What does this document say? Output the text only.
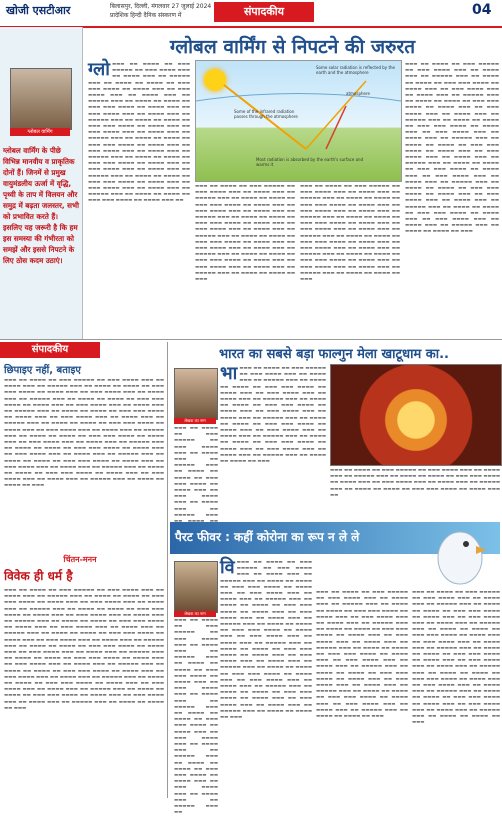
खोजी एसटीआर	बिलासपुर, दिल्ली, मंगलवार 27 जुलाई 2024
प्रादेशिक हिन्दी दैनिक संस्करण में	संपादकीय	04
ग्लोबल वार्मिंग
ग्लोबल वार्मिंग के पीछे विभिन्न मानवीय व प्राकृतिक दोनों हैं। जिनमें से प्रमुख वायुमंडलीय ऊर्जा में वृद्धि, पृथ्वी के ताप में विलयन और समुद्र में बढ़ता जलस्तर, सभी को प्रभावित करते हैं। इसलिए यह जरूरी है कि हम इस समस्या की गंभीरता को समझें और इससे निपटने के लिए ठोस कदम उठाएं।
ग्लोबल वार्मिंग से निपटने की जरुरत
ग्लो ▬▬▬ ▬▬ ▬▬▬▬ ▬▬ ▬▬▬ ▬▬▬▬▬ ▬▬ ▬▬▬ ▬▬▬▬ ▬▬▬ ▬▬ ▬▬▬▬ ▬▬▬ ▬▬ ▬▬▬▬▬ ▬▬▬ ▬▬ ▬▬▬▬ ▬▬ ▬▬▬▬ ▬▬ ▬▬▬ ▬▬▬ ▬▬▬▬ ▬▬ ▬▬▬▬ ▬▬▬ ▬▬ ▬▬▬ ▬▬▬▬ ▬▬▬ ▬▬ ▬▬▬▬ ▬▬▬ ▬▬ ▬▬▬▬▬ ▬▬▬ ▬▬ ▬▬▬▬ ▬▬ ▬▬▬▬ ▬▬ ▬▬▬ ▬▬▬ ▬▬▬▬ ▬▬ ▬▬▬▬ ▬▬▬ ▬▬ ▬▬▬ ▬▬▬▬ ▬▬▬ ▬▬ ▬▬▬▬ ▬▬▬ ▬▬ ▬▬▬▬▬ ▬▬▬ ▬▬ ▬▬▬▬ ▬▬ ▬▬▬▬ ▬▬ ▬▬▬ ▬▬▬ ▬▬▬▬ ▬▬ ▬▬▬▬ ▬▬▬ ▬▬ ▬▬▬ ▬▬▬▬ ▬▬▬ ▬▬ ▬▬▬▬ ▬▬▬ ▬▬ ▬▬▬▬▬ ▬▬▬ ▬▬ ▬▬▬▬ ▬▬ ▬▬▬▬ ▬▬ ▬▬▬ ▬▬▬ ▬▬▬▬ ▬▬ ▬▬▬▬ ▬▬▬ ▬▬ ▬▬▬ ▬▬▬▬ ▬▬▬ ▬▬ ▬▬▬▬ ▬▬▬ ▬▬ ▬▬▬▬▬ ▬▬▬ ▬▬ ▬▬▬▬ ▬▬ ▬▬▬▬ ▬▬ ▬▬▬ ▬▬▬ ▬▬▬▬ ▬▬ ▬▬▬▬ ▬▬▬ ▬▬ ▬▬▬ ▬▬▬▬ ▬▬▬ ▬▬ ▬▬▬▬ ▬▬▬ ▬▬ ▬▬▬▬▬ ▬▬▬ ▬▬ ▬▬▬▬ ▬▬ ▬▬▬▬ ▬▬ ▬▬▬ ▬▬▬ ▬▬▬▬ ▬▬ ▬▬▬▬ ▬▬▬ ▬▬ ▬▬▬ ▬▬▬▬ ▬▬▬ ▬▬ ▬▬▬▬ ▬▬▬ ▬▬ ▬▬▬▬▬ ▬▬▬ ▬▬ ▬▬▬▬ ▬▬ ▬▬▬▬ ▬▬ ▬▬▬ ▬▬▬ ▬▬▬▬ ▬▬ ▬▬▬▬ ▬▬▬ ▬▬
atmosphere
Some solar radiation is reflected by the earth and the atmosphere
Some of the infrared radiation passes through the atmosphere
Most radiation is absorbed by the earth's surface and warms it
▬▬▬ ▬▬ ▬▬▬▬ ▬▬ ▬▬▬ ▬▬▬▬▬ ▬▬ ▬▬▬ ▬▬▬▬ ▬▬▬ ▬▬ ▬▬▬▬ ▬▬▬ ▬▬ ▬▬▬▬▬ ▬▬▬ ▬▬ ▬▬▬▬ ▬▬ ▬▬▬▬ ▬▬ ▬▬▬ ▬▬▬ ▬▬▬▬ ▬▬ ▬▬▬▬ ▬▬▬ ▬▬ ▬▬▬ ▬▬▬▬ ▬▬▬ ▬▬ ▬▬▬▬ ▬▬▬ ▬▬ ▬▬▬▬▬ ▬▬▬ ▬▬ ▬▬▬▬ ▬▬ ▬▬▬▬ ▬▬ ▬▬▬ ▬▬▬ ▬▬▬▬ ▬▬ ▬▬▬▬ ▬▬▬ ▬▬ ▬▬▬ ▬▬▬▬ ▬▬▬ ▬▬ ▬▬▬▬ ▬▬▬ ▬▬ ▬▬▬▬▬ ▬▬▬ ▬▬ ▬▬▬▬ ▬▬ ▬▬▬▬ ▬▬ ▬▬▬ ▬▬▬ ▬▬▬▬ ▬▬ ▬▬▬▬ ▬▬▬ ▬▬ ▬▬▬ ▬▬▬▬ ▬▬▬ ▬▬ ▬▬▬▬ ▬▬▬ ▬▬ ▬▬▬▬▬ ▬▬▬ ▬▬ ▬▬▬▬ ▬▬ ▬▬▬▬ ▬▬ ▬▬▬ ▬▬▬ ▬▬▬▬ ▬▬ ▬▬▬▬ ▬▬▬ ▬▬ ▬▬▬ ▬▬▬▬ ▬▬▬ ▬▬ ▬▬▬▬ ▬▬▬ ▬▬ ▬▬▬▬▬ ▬▬▬ ▬▬ ▬▬▬▬ ▬▬ ▬▬▬▬ ▬▬ ▬▬▬
▬▬▬ ▬▬ ▬▬▬▬ ▬▬ ▬▬▬ ▬▬▬▬▬ ▬▬ ▬▬▬ ▬▬▬▬ ▬▬▬ ▬▬ ▬▬▬▬ ▬▬▬ ▬▬ ▬▬▬▬▬ ▬▬▬ ▬▬ ▬▬▬▬ ▬▬ ▬▬▬▬ ▬▬ ▬▬▬ ▬▬▬ ▬▬▬▬ ▬▬ ▬▬▬▬ ▬▬▬ ▬▬ ▬▬▬ ▬▬▬▬ ▬▬▬ ▬▬ ▬▬▬▬ ▬▬▬ ▬▬ ▬▬▬▬▬ ▬▬▬ ▬▬ ▬▬▬▬ ▬▬ ▬▬▬▬ ▬▬ ▬▬▬ ▬▬▬ ▬▬▬▬ ▬▬ ▬▬▬▬ ▬▬▬ ▬▬ ▬▬▬ ▬▬▬▬ ▬▬▬ ▬▬ ▬▬▬▬ ▬▬▬ ▬▬ ▬▬▬▬▬ ▬▬▬ ▬▬ ▬▬▬▬ ▬▬ ▬▬▬▬ ▬▬ ▬▬▬ ▬▬▬ ▬▬▬▬ ▬▬ ▬▬▬▬ ▬▬▬ ▬▬ ▬▬▬ ▬▬▬▬ ▬▬▬ ▬▬ ▬▬▬▬ ▬▬▬ ▬▬ ▬▬▬▬▬ ▬▬▬ ▬▬ ▬▬▬▬ ▬▬ ▬▬▬▬ ▬▬ ▬▬▬ ▬▬▬ ▬▬▬▬ ▬▬ ▬▬▬▬ ▬▬▬ ▬▬ ▬▬▬ ▬▬▬▬ ▬▬▬ ▬▬ ▬▬▬▬ ▬▬▬ ▬▬ ▬▬▬▬▬ ▬▬▬ ▬▬ ▬▬▬▬ ▬▬ ▬▬▬▬ ▬▬ ▬▬▬
▬▬▬ ▬▬ ▬▬▬▬ ▬▬ ▬▬▬ ▬▬▬▬▬ ▬▬ ▬▬▬ ▬▬▬▬ ▬▬▬ ▬▬ ▬▬▬▬ ▬▬▬ ▬▬ ▬▬▬▬▬ ▬▬▬ ▬▬ ▬▬▬▬ ▬▬ ▬▬▬▬ ▬▬ ▬▬▬ ▬▬▬ ▬▬▬▬ ▬▬ ▬▬▬▬ ▬▬▬ ▬▬ ▬▬▬ ▬▬▬▬ ▬▬▬ ▬▬ ▬▬▬▬ ▬▬▬ ▬▬ ▬▬▬▬▬ ▬▬▬ ▬▬ ▬▬▬▬ ▬▬ ▬▬▬▬ ▬▬ ▬▬▬ ▬▬▬ ▬▬▬▬ ▬▬ ▬▬▬▬ ▬▬▬ ▬▬ ▬▬▬ ▬▬▬▬ ▬▬▬ ▬▬ ▬▬▬▬ ▬▬▬ ▬▬ ▬▬▬▬▬ ▬▬▬ ▬▬ ▬▬▬▬ ▬▬ ▬▬▬▬ ▬▬ ▬▬▬ ▬▬▬ ▬▬▬▬ ▬▬ ▬▬▬▬ ▬▬▬ ▬▬ ▬▬▬ ▬▬▬▬ ▬▬▬ ▬▬ ▬▬▬▬ ▬▬▬ ▬▬ ▬▬▬▬▬ ▬▬▬ ▬▬ ▬▬▬▬ ▬▬ ▬▬▬▬ ▬▬ ▬▬▬ ▬▬▬ ▬▬▬▬ ▬▬ ▬▬▬▬ ▬▬▬ ▬▬ ▬▬▬ ▬▬▬▬ ▬▬▬ ▬▬ ▬▬▬▬ ▬▬▬ ▬▬ ▬▬▬▬▬ ▬▬▬ ▬▬ ▬▬▬▬ ▬▬ ▬▬▬▬ ▬▬ ▬▬▬ ▬▬▬ ▬▬▬▬ ▬▬ ▬▬▬▬ ▬▬▬ ▬▬ ▬▬▬ ▬▬▬▬ ▬▬▬ ▬▬ ▬▬▬▬ ▬▬▬ ▬▬ ▬▬▬▬▬ ▬▬▬ ▬▬ ▬▬▬▬ ▬▬ ▬▬▬▬ ▬▬ ▬▬▬ ▬▬▬ ▬▬▬▬ ▬▬ ▬▬▬▬ ▬▬▬ ▬▬ ▬▬▬ ▬▬▬▬ ▬▬▬ ▬▬ ▬▬▬▬ ▬▬▬ ▬▬ ▬▬▬▬▬ ▬▬▬ ▬▬ ▬▬▬▬ ▬▬ ▬▬▬▬ ▬▬ ▬▬▬ ▬▬▬ ▬▬▬▬ ▬▬ ▬▬▬▬ ▬▬▬ ▬▬ ▬▬▬ ▬▬▬▬ ▬▬▬ ▬▬ ▬▬▬▬ ▬▬▬ ▬▬ ▬▬▬▬▬ ▬▬▬ ▬▬ ▬▬▬▬ ▬▬ ▬▬▬▬ ▬▬ ▬▬▬
संपादकीय
छिपाइए नहीं, बताइए
▬▬▬ ▬▬ ▬▬▬▬ ▬▬ ▬▬▬ ▬▬▬▬▬ ▬▬ ▬▬▬ ▬▬▬▬ ▬▬▬ ▬▬ ▬▬▬▬ ▬▬▬ ▬▬ ▬▬▬▬▬ ▬▬▬ ▬▬ ▬▬▬▬ ▬▬ ▬▬▬▬ ▬▬ ▬▬▬ ▬▬▬ ▬▬▬▬ ▬▬ ▬▬▬▬ ▬▬▬ ▬▬ ▬▬▬ ▬▬▬▬ ▬▬▬ ▬▬ ▬▬▬▬ ▬▬▬ ▬▬ ▬▬▬▬▬ ▬▬▬ ▬▬ ▬▬▬▬ ▬▬ ▬▬▬▬ ▬▬ ▬▬▬ ▬▬▬ ▬▬▬▬ ▬▬ ▬▬▬▬ ▬▬▬ ▬▬ ▬▬▬ ▬▬▬▬ ▬▬▬ ▬▬ ▬▬▬▬ ▬▬▬ ▬▬ ▬▬▬▬▬ ▬▬▬ ▬▬ ▬▬▬▬ ▬▬ ▬▬▬▬ ▬▬ ▬▬▬ ▬▬▬ ▬▬▬▬ ▬▬ ▬▬▬▬ ▬▬▬ ▬▬ ▬▬▬ ▬▬▬▬ ▬▬▬ ▬▬ ▬▬▬▬ ▬▬▬ ▬▬ ▬▬▬▬▬ ▬▬▬ ▬▬ ▬▬▬▬ ▬▬ ▬▬▬▬ ▬▬ ▬▬▬ ▬▬▬ ▬▬▬▬ ▬▬ ▬▬▬▬ ▬▬▬ ▬▬ ▬▬▬ ▬▬▬▬ ▬▬▬ ▬▬ ▬▬▬▬ ▬▬▬ ▬▬ ▬▬▬▬▬ ▬▬▬ ▬▬ ▬▬▬▬ ▬▬ ▬▬▬▬ ▬▬ ▬▬▬ ▬▬▬ ▬▬▬▬ ▬▬ ▬▬▬▬ ▬▬▬ ▬▬ ▬▬▬ ▬▬▬▬ ▬▬▬ ▬▬ ▬▬▬▬ ▬▬▬ ▬▬ ▬▬▬▬▬ ▬▬▬ ▬▬ ▬▬▬▬ ▬▬ ▬▬▬▬ ▬▬ ▬▬▬ ▬▬▬ ▬▬▬▬ ▬▬ ▬▬▬▬ ▬▬▬ ▬▬ ▬▬▬ ▬▬▬▬ ▬▬▬ ▬▬ ▬▬▬▬ ▬▬▬ ▬▬ ▬▬▬▬▬ ▬▬▬ ▬▬ ▬▬▬▬ ▬▬ ▬▬▬▬ ▬▬ ▬▬▬ ▬▬▬ ▬▬▬▬ ▬▬ ▬▬▬▬ ▬▬▬ ▬▬ ▬▬▬ ▬▬▬▬ ▬▬▬ ▬▬ ▬▬▬▬ ▬▬▬ ▬▬ ▬▬▬▬▬ ▬▬▬ ▬▬ ▬▬▬▬ ▬▬ ▬▬▬▬ ▬▬ ▬▬▬ ▬▬▬ ▬▬▬▬ ▬▬ ▬▬▬▬ ▬▬▬ ▬▬ ▬▬▬ ▬▬▬▬ ▬▬▬ ▬▬ ▬▬▬▬ ▬▬▬ ▬▬ ▬▬▬▬▬ ▬▬▬ ▬▬ ▬▬▬▬ ▬▬ ▬▬▬▬ ▬▬ ▬▬▬
चिंतन-मनन
विवेक ही धर्म है
▬▬▬ ▬▬ ▬▬▬▬ ▬▬ ▬▬▬ ▬▬▬▬▬ ▬▬ ▬▬▬ ▬▬▬▬ ▬▬▬ ▬▬ ▬▬▬▬ ▬▬▬ ▬▬ ▬▬▬▬▬ ▬▬▬ ▬▬ ▬▬▬▬ ▬▬ ▬▬▬▬ ▬▬ ▬▬▬ ▬▬▬ ▬▬▬▬ ▬▬ ▬▬▬▬ ▬▬▬ ▬▬ ▬▬▬ ▬▬▬▬ ▬▬▬ ▬▬ ▬▬▬▬ ▬▬▬ ▬▬ ▬▬▬▬▬ ▬▬▬ ▬▬ ▬▬▬▬ ▬▬ ▬▬▬▬ ▬▬ ▬▬▬ ▬▬▬ ▬▬▬▬ ▬▬ ▬▬▬▬ ▬▬▬ ▬▬ ▬▬▬ ▬▬▬▬ ▬▬▬ ▬▬ ▬▬▬▬ ▬▬▬ ▬▬ ▬▬▬▬▬ ▬▬▬ ▬▬ ▬▬▬▬ ▬▬ ▬▬▬▬ ▬▬ ▬▬▬ ▬▬▬ ▬▬▬▬ ▬▬ ▬▬▬▬ ▬▬▬ ▬▬ ▬▬▬ ▬▬▬▬ ▬▬▬ ▬▬ ▬▬▬▬ ▬▬▬ ▬▬ ▬▬▬▬▬ ▬▬▬ ▬▬ ▬▬▬▬ ▬▬ ▬▬▬▬ ▬▬ ▬▬▬ ▬▬▬ ▬▬▬▬ ▬▬ ▬▬▬▬ ▬▬▬ ▬▬ ▬▬▬ ▬▬▬▬ ▬▬▬ ▬▬ ▬▬▬▬ ▬▬▬ ▬▬ ▬▬▬▬▬ ▬▬▬ ▬▬ ▬▬▬▬ ▬▬ ▬▬▬▬ ▬▬ ▬▬▬ ▬▬▬ ▬▬▬▬ ▬▬ ▬▬▬▬ ▬▬▬ ▬▬ ▬▬▬ ▬▬▬▬ ▬▬▬ ▬▬ ▬▬▬▬ ▬▬▬ ▬▬ ▬▬▬▬▬ ▬▬▬ ▬▬ ▬▬▬▬ ▬▬ ▬▬▬▬ ▬▬ ▬▬▬ ▬▬▬ ▬▬▬▬ ▬▬ ▬▬▬▬ ▬▬▬ ▬▬ ▬▬▬ ▬▬▬▬ ▬▬▬ ▬▬ ▬▬▬▬ ▬▬▬ ▬▬ ▬▬▬▬▬ ▬▬▬ ▬▬ ▬▬▬▬ ▬▬ ▬▬▬▬ ▬▬ ▬▬▬ ▬▬▬ ▬▬▬▬ ▬▬ ▬▬▬▬ ▬▬▬ ▬▬ ▬▬▬ ▬▬▬▬ ▬▬▬ ▬▬ ▬▬▬▬ ▬▬▬ ▬▬ ▬▬▬▬▬ ▬▬▬ ▬▬ ▬▬▬▬ ▬▬ ▬▬▬▬ ▬▬ ▬▬▬ ▬▬▬ ▬▬▬▬ ▬▬ ▬▬▬▬ ▬▬▬ ▬▬ ▬▬▬ ▬▬▬▬ ▬▬▬ ▬▬ ▬▬▬▬ ▬▬▬ ▬▬ ▬▬▬▬▬ ▬▬▬ ▬▬ ▬▬▬▬ ▬▬ ▬▬▬▬ ▬▬ ▬▬▬ ▬▬▬ ▬▬▬▬ ▬▬ ▬▬▬▬ ▬▬▬ ▬▬ ▬▬▬ ▬▬▬▬ ▬▬▬ ▬▬ ▬▬▬▬ ▬▬▬ ▬▬ ▬▬▬▬▬ ▬▬▬ ▬▬ ▬▬▬▬ ▬▬ ▬▬▬▬ ▬▬ ▬▬▬
भारत का सबसे बड़ा फाल्गुन मेला खाटूधाम का..
लेखक का नाम
भा ▬▬▬ ▬▬ ▬▬▬▬ ▬▬ ▬▬▬ ▬▬▬▬▬ ▬▬ ▬▬▬ ▬▬▬▬ ▬▬▬ ▬▬ ▬▬▬▬ ▬▬▬ ▬▬ ▬▬▬▬▬ ▬▬▬ ▬▬ ▬▬▬▬ ▬▬ ▬▬▬▬ ▬▬ ▬▬▬ ▬▬▬ ▬▬▬▬ ▬▬ ▬▬▬▬ ▬▬▬ ▬▬ ▬▬▬ ▬▬▬▬ ▬▬▬ ▬▬ ▬▬▬▬ ▬▬▬ ▬▬ ▬▬▬▬▬ ▬▬▬ ▬▬ ▬▬▬▬ ▬▬ ▬▬▬▬ ▬▬ ▬▬▬ ▬▬▬ ▬▬▬▬ ▬▬ ▬▬▬▬ ▬▬▬ ▬▬ ▬▬▬ ▬▬▬▬ ▬▬▬ ▬▬ ▬▬▬▬ ▬▬▬ ▬▬ ▬▬▬▬▬ ▬▬▬ ▬▬ ▬▬▬▬ ▬▬ ▬▬▬▬ ▬▬ ▬▬▬ ▬▬▬ ▬▬▬▬ ▬▬ ▬▬▬▬ ▬▬▬ ▬▬ ▬▬▬ ▬▬▬▬ ▬▬▬ ▬▬ ▬▬▬▬ ▬▬▬ ▬▬ ▬▬▬▬▬ ▬▬▬ ▬▬ ▬▬▬▬ ▬▬ ▬▬▬▬ ▬▬ ▬▬▬ ▬▬▬ ▬▬▬▬ ▬▬ ▬▬▬▬ ▬▬▬ ▬▬ ▬▬▬ ▬▬▬▬ ▬▬▬ ▬▬ ▬▬▬▬ ▬▬▬ ▬▬ ▬▬▬▬▬ ▬▬▬ ▬▬ ▬▬▬▬ ▬▬ ▬▬▬▬ ▬▬ ▬▬▬
▬▬▬ ▬▬ ▬▬▬▬ ▬▬ ▬▬▬ ▬▬▬▬▬ ▬▬ ▬▬▬ ▬▬▬▬ ▬▬▬ ▬▬ ▬▬▬▬ ▬▬▬ ▬▬ ▬▬▬▬▬ ▬▬▬ ▬▬ ▬▬▬▬ ▬▬ ▬▬▬▬ ▬▬ ▬▬▬ ▬▬▬ ▬▬▬▬ ▬▬ ▬▬▬▬ ▬▬▬ ▬▬ ▬▬▬ ▬▬▬▬ ▬▬▬ ▬▬ ▬▬▬▬ ▬▬▬ ▬▬ ▬▬▬▬▬ ▬▬▬
▬▬▬ ▬▬ ▬▬▬▬ ▬▬ ▬▬▬ ▬▬▬▬▬ ▬▬ ▬▬▬ ▬▬▬▬ ▬▬▬ ▬▬ ▬▬▬▬ ▬▬▬ ▬▬ ▬▬▬▬▬ ▬▬▬ ▬▬ ▬▬▬▬ ▬▬ ▬▬▬▬ ▬▬ ▬▬▬ ▬▬▬ ▬▬▬▬ ▬▬ ▬▬▬▬ ▬▬▬ ▬▬ ▬▬▬ ▬▬▬▬ ▬▬▬ ▬▬ ▬▬▬▬ ▬▬▬ ▬▬ ▬▬▬▬▬ ▬▬▬ ▬▬ ▬▬▬▬ ▬▬ ▬▬▬▬ ▬▬ ▬▬▬ ▬▬▬ ▬▬▬▬ ▬▬ ▬▬▬▬ ▬▬▬ ▬▬
पैरट फीवर : कहीं कोरोना का रूप न ले ले
लेखक का नाम
वि ▬▬▬ ▬▬ ▬▬▬▬ ▬▬ ▬▬▬ ▬▬▬▬▬ ▬▬ ▬▬▬ ▬▬▬▬ ▬▬▬ ▬▬ ▬▬▬▬ ▬▬▬ ▬▬ ▬▬▬▬▬ ▬▬▬ ▬▬ ▬▬▬▬ ▬▬ ▬▬▬▬ ▬▬ ▬▬▬ ▬▬▬ ▬▬▬▬ ▬▬ ▬▬▬▬ ▬▬▬ ▬▬ ▬▬▬ ▬▬▬▬ ▬▬▬ ▬▬ ▬▬▬▬ ▬▬▬ ▬▬ ▬▬▬▬▬ ▬▬▬ ▬▬ ▬▬▬▬ ▬▬ ▬▬▬▬ ▬▬ ▬▬▬ ▬▬▬ ▬▬▬▬ ▬▬ ▬▬▬▬ ▬▬▬ ▬▬ ▬▬▬ ▬▬▬▬ ▬▬▬ ▬▬ ▬▬▬▬ ▬▬▬ ▬▬ ▬▬▬▬▬ ▬▬▬ ▬▬ ▬▬▬▬ ▬▬ ▬▬▬▬ ▬▬ ▬▬▬ ▬▬▬ ▬▬▬▬ ▬▬ ▬▬▬▬ ▬▬▬ ▬▬ ▬▬▬ ▬▬▬▬ ▬▬▬ ▬▬ ▬▬▬▬ ▬▬▬ ▬▬ ▬▬▬▬▬ ▬▬▬ ▬▬ ▬▬▬▬ ▬▬ ▬▬▬▬ ▬▬ ▬▬▬ ▬▬▬ ▬▬▬▬ ▬▬ ▬▬▬▬ ▬▬▬ ▬▬ ▬▬▬ ▬▬▬▬ ▬▬▬ ▬▬ ▬▬▬▬ ▬▬▬ ▬▬ ▬▬▬▬▬ ▬▬▬ ▬▬ ▬▬▬▬ ▬▬ ▬▬▬▬ ▬▬ ▬▬▬ ▬▬▬ ▬▬▬▬ ▬▬ ▬▬▬▬ ▬▬▬ ▬▬ ▬▬▬ ▬▬▬▬ ▬▬▬ ▬▬ ▬▬▬▬ ▬▬▬ ▬▬ ▬▬▬▬▬ ▬▬▬ ▬▬ ▬▬▬▬ ▬▬ ▬▬▬▬ ▬▬ ▬▬▬ ▬▬▬ ▬▬▬▬ ▬▬ ▬▬▬▬ ▬▬▬ ▬▬ ▬▬▬ ▬▬▬▬ ▬▬▬ ▬▬ ▬▬▬▬ ▬▬▬ ▬▬ ▬▬▬▬▬ ▬▬▬ ▬▬ ▬▬▬▬ ▬▬ ▬▬▬▬ ▬▬ ▬▬▬
▬▬▬ ▬▬ ▬▬▬▬ ▬▬ ▬▬▬ ▬▬▬▬▬ ▬▬ ▬▬▬ ▬▬▬▬ ▬▬▬ ▬▬ ▬▬▬▬ ▬▬▬ ▬▬ ▬▬▬▬▬ ▬▬▬ ▬▬ ▬▬▬▬ ▬▬ ▬▬▬▬ ▬▬ ▬▬▬ ▬▬▬ ▬▬▬▬ ▬▬ ▬▬▬▬ ▬▬▬ ▬▬ ▬▬▬ ▬▬▬▬ ▬▬▬ ▬▬ ▬▬▬▬ ▬▬▬ ▬▬ ▬▬▬▬▬ ▬▬▬ ▬▬ ▬▬▬▬ ▬▬ ▬▬▬▬ ▬▬ ▬▬▬ ▬▬▬ ▬▬▬▬ ▬▬ ▬▬▬▬ ▬▬▬ ▬▬ ▬▬▬ ▬▬▬▬ ▬▬▬ ▬▬ ▬▬▬▬ ▬▬▬ ▬▬ ▬▬▬▬▬ ▬▬▬ ▬▬ ▬▬▬▬ ▬▬ ▬▬▬▬ ▬▬ ▬▬▬ ▬▬▬ ▬▬▬▬ ▬▬ ▬▬▬▬ ▬▬▬ ▬▬ ▬▬▬ ▬▬▬▬ ▬▬▬ ▬▬ ▬▬▬▬ ▬▬▬ ▬▬ ▬▬▬▬▬ ▬▬▬ ▬▬ ▬▬▬▬ ▬▬ ▬▬▬▬ ▬▬ ▬▬▬ ▬▬▬ ▬▬▬▬ ▬▬ ▬▬▬▬ ▬▬▬ ▬▬ ▬▬▬ ▬▬▬▬ ▬▬▬ ▬▬ ▬▬▬▬ ▬▬▬ ▬▬ ▬▬▬▬▬ ▬▬▬ ▬▬ ▬▬▬▬ ▬▬ ▬▬▬▬ ▬▬ ▬▬▬ ▬▬▬ ▬▬▬▬ ▬▬ ▬▬▬▬ ▬▬▬ ▬▬ ▬▬▬ ▬▬▬▬ ▬▬▬ ▬▬ ▬▬▬▬ ▬▬▬ ▬▬ ▬▬▬▬▬ ▬▬▬ ▬▬ ▬▬▬▬ ▬▬ ▬▬▬▬ ▬▬ ▬▬▬
▬▬▬ ▬▬ ▬▬▬▬ ▬▬ ▬▬▬ ▬▬▬▬▬ ▬▬ ▬▬▬ ▬▬▬▬ ▬▬▬ ▬▬ ▬▬▬▬ ▬▬▬ ▬▬ ▬▬▬▬▬ ▬▬▬ ▬▬ ▬▬▬▬ ▬▬ ▬▬▬▬ ▬▬ ▬▬▬ ▬▬▬ ▬▬▬▬ ▬▬ ▬▬▬▬ ▬▬▬ ▬▬ ▬▬▬ ▬▬▬▬ ▬▬▬ ▬▬ ▬▬▬▬ ▬▬▬ ▬▬ ▬▬▬▬▬ ▬▬▬ ▬▬ ▬▬▬▬ ▬▬ ▬▬▬▬ ▬▬ ▬▬▬ ▬▬▬ ▬▬▬▬ ▬▬ ▬▬▬▬ ▬▬▬ ▬▬ ▬▬▬ ▬▬▬▬ ▬▬▬ ▬▬ ▬▬▬▬ ▬▬▬ ▬▬ ▬▬▬▬▬ ▬▬▬ ▬▬ ▬▬▬▬ ▬▬ ▬▬▬▬ ▬▬ ▬▬▬ ▬▬▬ ▬▬▬▬ ▬▬ ▬▬▬▬ ▬▬▬ ▬▬ ▬▬▬ ▬▬▬▬ ▬▬▬ ▬▬ ▬▬▬▬ ▬▬▬ ▬▬ ▬▬▬▬▬ ▬▬▬ ▬▬ ▬▬▬▬ ▬▬ ▬▬▬▬ ▬▬ ▬▬▬ ▬▬▬ ▬▬▬▬ ▬▬ ▬▬▬▬ ▬▬▬ ▬▬ ▬▬▬ ▬▬▬▬ ▬▬▬ ▬▬ ▬▬▬▬ ▬▬▬ ▬▬ ▬▬▬▬▬ ▬▬▬ ▬▬ ▬▬▬▬ ▬▬ ▬▬▬▬ ▬▬ ▬▬▬ ▬▬▬ ▬▬▬▬ ▬▬ ▬▬▬▬ ▬▬▬ ▬▬ ▬▬▬ ▬▬▬▬ ▬▬▬ ▬▬ ▬▬▬▬ ▬▬▬ ▬▬ ▬▬▬▬▬ ▬▬▬ ▬▬ ▬▬▬▬ ▬▬ ▬▬▬▬ ▬▬ ▬▬▬
▬▬▬ ▬▬ ▬▬▬▬ ▬▬ ▬▬▬ ▬▬▬▬▬ ▬▬ ▬▬▬ ▬▬▬▬ ▬▬▬ ▬▬ ▬▬▬▬ ▬▬▬ ▬▬ ▬▬▬▬▬ ▬▬▬ ▬▬ ▬▬▬▬ ▬▬ ▬▬▬▬ ▬▬ ▬▬▬ ▬▬▬ ▬▬▬▬ ▬▬ ▬▬▬▬ ▬▬▬ ▬▬ ▬▬▬ ▬▬▬▬ ▬▬▬ ▬▬ ▬▬▬▬ ▬▬▬ ▬▬ ▬▬▬▬▬ ▬▬▬ ▬▬ ▬▬▬▬ ▬▬ ▬▬▬▬ ▬▬ ▬▬▬ ▬▬▬ ▬▬▬▬ ▬▬ ▬▬▬▬ ▬▬▬ ▬▬ ▬▬▬ ▬▬▬▬ ▬▬▬ ▬▬ ▬▬▬▬ ▬▬▬ ▬▬ ▬▬▬▬▬ ▬▬▬ ▬▬ ▬▬▬▬ ▬▬ ▬▬▬▬ ▬▬ ▬▬▬ ▬▬▬ ▬▬▬▬ ▬▬ ▬▬▬▬ ▬▬▬ ▬▬ ▬▬▬ ▬▬▬▬ ▬▬▬ ▬▬ ▬▬▬▬ ▬▬▬ ▬▬ ▬▬▬▬▬ ▬▬▬ ▬▬
